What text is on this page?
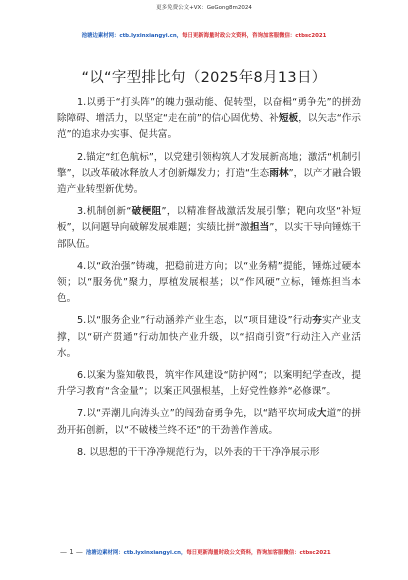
更多免费公文+VX：GeGong8m2024
池塘边素材网：ctb.lyxinxiangyi.cn，每日更新海量时政公文资料，咨询加客服微信：ctbsc2021
“以“字型排比句（2025年8月13日）

1.以勇于“打头阵”的魄力强动能、促转型，以奋楫“勇争先”的拼劲除障碍、增活力，以坚定“走在前”的信心固优势、补短板，以矢志“作示范”的追求办实事、促共富。

2.锚定“红色航标”，以党建引领构筑人才发展新高地；激活“机制引擎”，以改革破冰释放人才创新爆发力；打造“生态雨林”，以产才融合锻造产业转型新优势。

3.机制创新“破梗阻”，以精准督战激活发展引擎；靶向攻坚“补短板”，以问题导向破解发展难题；实绩比拼“激担当”，以实干导向锤炼干部队伍。

4.以“政治强”铸魂，把稳前进方向；以“业务精”提能，锤炼过硬本领；以“服务优”聚力，厚植发展根基；以“作风硬”立标，锤炼担当本色。

5.以“服务企业”行动涵养产业生态，以“项目建设”行动夯实产业支撑，以“研产贯通”行动加快产业升级，以“招商引资”行动注入产业活水。

6.以案为鉴知敬畏，筑牢作风建设“防护网”；以案明纪学查改，提升学习教育“含金量”；以案正风强根基，上好党性修养“必修课”。

7.以“弄潮儿向涛头立”的闯劲奋勇争先，以“踏平坎坷成大道”的拼劲开拓创新，以“不破楼兰终不还”的干劲善作善成。

8. 以思想的干干净净规范行为，以外表的干干净净展示形

— 1 — 池塘边素材网：ctb.lyxinxiangyi.cn，每日更新海量时政公文资料，咨询加客服微信：ctbsc2021
